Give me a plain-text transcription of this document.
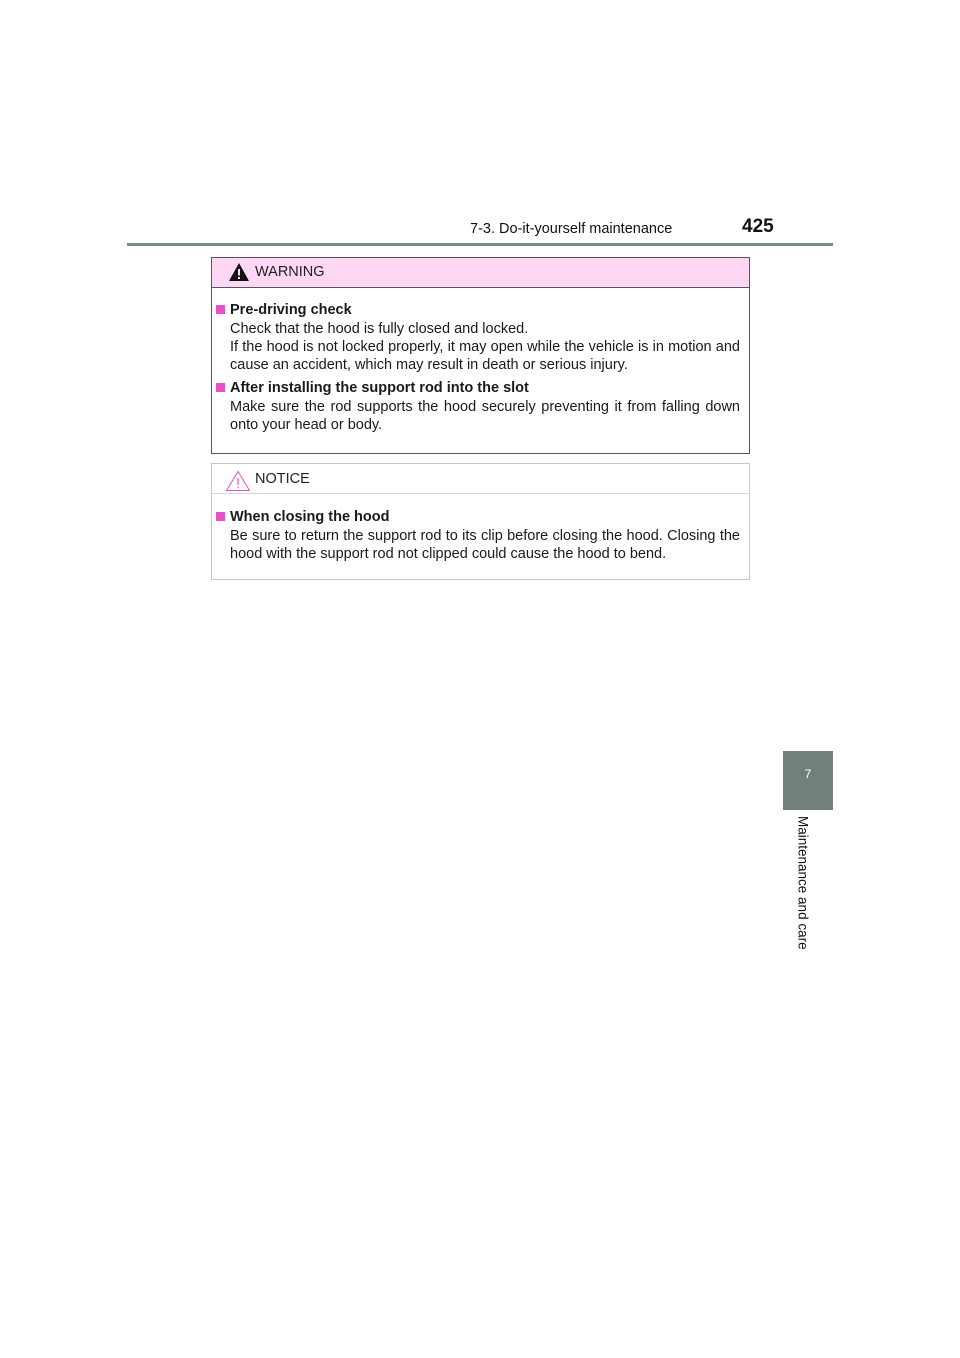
7-3. Do-it-yourself maintenance	425
7
Maintenance and care
WARNING
Pre-driving check
Check that the hood is fully closed and locked.
If the hood is not locked properly, it may open while the vehicle is in motion and cause an accident, which may result in death or serious injury.
After installing the support rod into the slot
Make sure the rod supports the hood securely preventing it from falling down onto your head or body.
NOTICE
When closing the hood
Be sure to return the support rod to its clip before closing the hood. Closing the hood with the support rod not clipped could cause the hood to bend.
